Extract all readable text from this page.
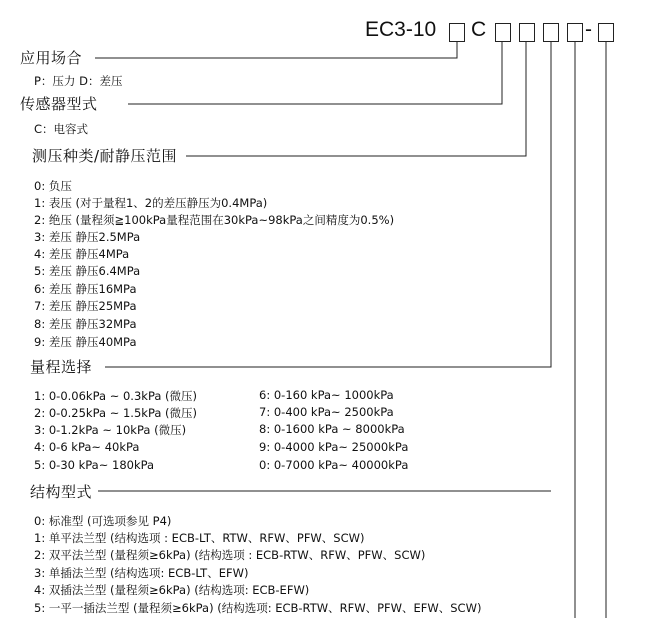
EC3-10 C	-
应用场合
P：压力 D：差压
传感器型式
C：电容式
测压种类/耐静压范围
0: 负压
1: 表压 (对于量程1、2的差压静压为0.4MPa)
2: 绝压 (量程须≧100kPa量程范围在30kPa~98kPa之间精度为0.5%)
3: 差压 静压2.5MPa
4: 差压 静压4MPa
5: 差压 静压6.4MPa
6: 差压 静压16MPa
7: 差压 静压25MPa
8: 差压 静压32MPa
9: 差压 静压40MPa
量程选择
1: 0-0.06kPa ~ 0.3kPa (微压)
2: 0-0.25kPa ~ 1.5kPa (微压)
3: 0-1.2kPa ~ 10kPa (微压)
4: 0-6 kPa~ 40kPa
5: 0-30 kPa~ 180kPa
6: 0-160 kPa~ 1000kPa
7: 0-400 kPa~ 2500kPa
8: 0-1600 kPa ~ 8000kPa
9: 0-4000 kPa~ 25000kPa
0: 0-7000 kPa~ 40000kPa
结构型式
0: 标准型 (可选项参见 P4)
1: 单平法兰型 (结构选项 : ECB-LT、RTW、RFW、PFW、SCW)
2: 双平法兰型 (量程须≥6kPa) (结构选项 : ECB-RTW、RFW、PFW、SCW)
3: 单插法兰型 (结构选项: ECB-LT、EFW)
4: 双插法兰型 (量程须≥6kPa) (结构选项: ECB-EFW)
5: 一平一插法兰型 (量程须≥6kPa) (结构选项: ECB-RTW、RFW、PFW、EFW、SCW)
